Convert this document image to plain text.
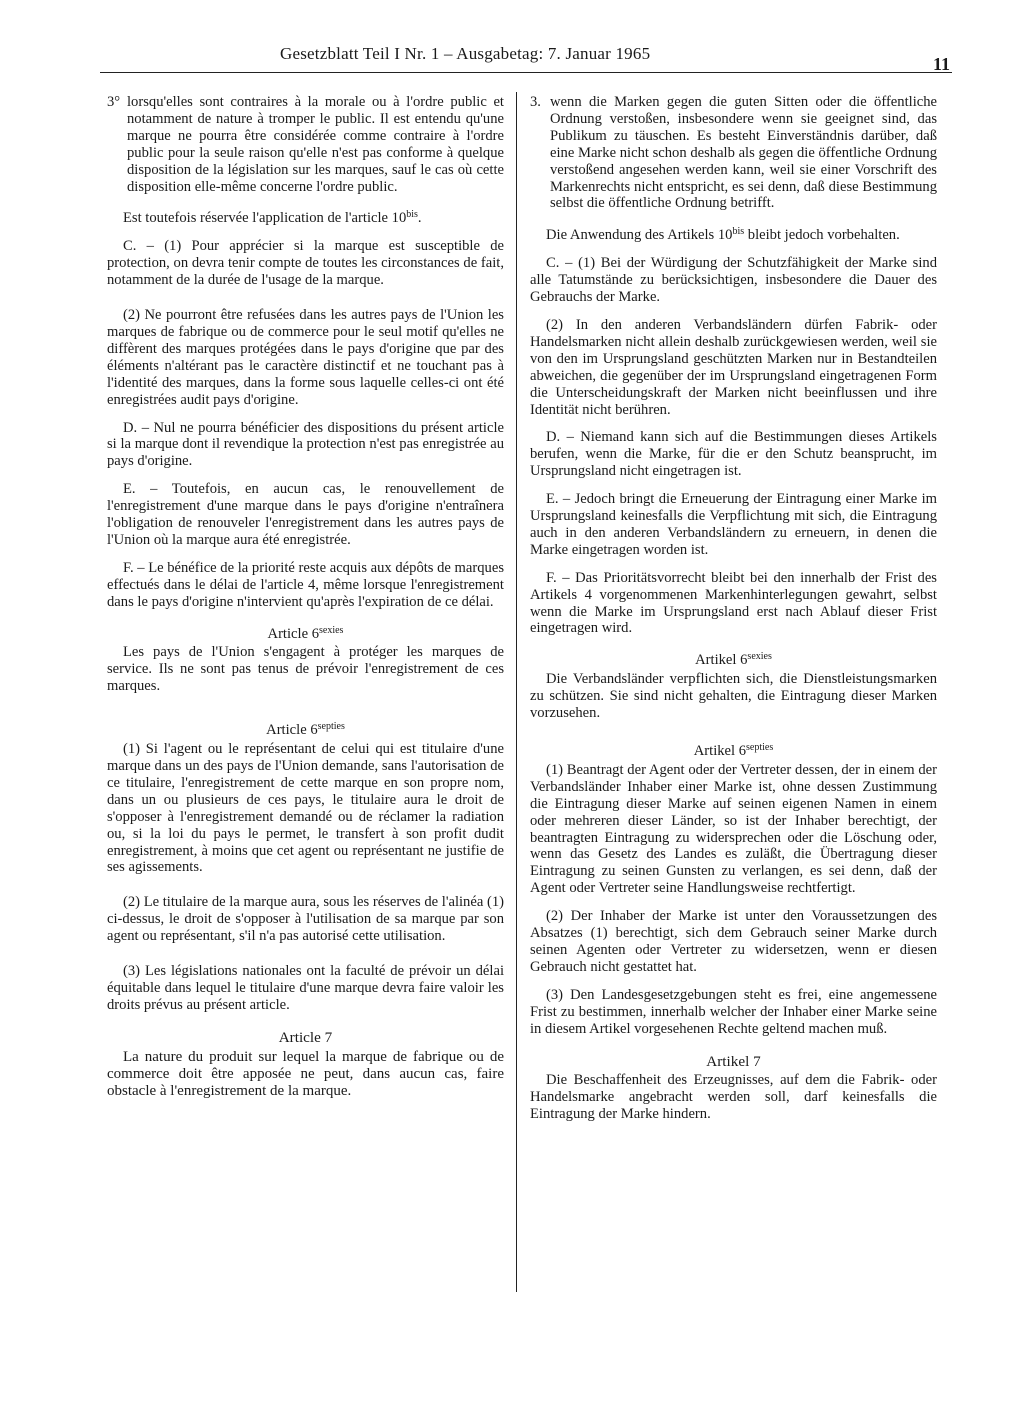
Gesetzblatt Teil I Nr. 1 – Ausgabetag: 7. Januar 1965
11

3° lorsqu'elles sont contraires à la morale ou à l'ordre public et notamment de nature à tromper le public. Il est entendu qu'une marque ne pourra être considérée comme contraire à l'ordre public pour la seule raison qu'elle n'est pas conforme à quelque disposition de la législation sur les marques, sauf le cas où cette disposition elle-même concerne l'ordre public.

Est toutefois réservée l'application de l'article 10$^{bis}$.

C. – (1) Pour apprécier si la marque est susceptible de protection, on devra tenir compte de toutes les circonstances de fait, notamment de la durée de l'usage de la marque.

(2) Ne pourront être refusées dans les autres pays de l'Union les marques de fabrique ou de commerce pour le seul motif qu'elles ne diffèrent des marques protégées dans le pays d'origine que par des éléments n'altérant pas le caractère distinctif et ne touchant pas à l'identité des marques, dans la forme sous laquelle celles-ci ont été enregistrées audit pays d'origine.

D. – Nul ne pourra bénéficier des dispositions du présent article si la marque dont il revendique la protection n'est pas enregistrée au pays d'origine.

E. – Toutefois, en aucun cas, le renouvellement de l'enregistrement d'une marque dans le pays d'origine n'entraînera l'obligation de renouveler l'enregistrement dans les autres pays de l'Union où la marque aura été enregistrée.

F. – Le bénéfice de la priorité reste acquis aux dépôts de marques effectués dans le délai de l'article 4, même lorsque l'enregistrement dans le pays d'origine n'intervient qu'après l'expiration de ce délai.

Article $6^{sexies}$

Les pays de l'Union s'engagent à protéger les marques de service. Ils ne sont pas tenus de prévoir l'enregistrement de ces marques.

Article $6^{septies}$

(1) Si l'agent ou le représentant de celui qui est titulaire d'une marque dans un des pays de l'Union demande, sans l'autorisation de ce titulaire, l'enregistrement de cette marque en son propre nom, dans un ou plusieurs de ces pays, le titulaire aura le droit de s'opposer à l'enregistrement demandé ou de réclamer la radiation ou, si la loi du pays le permet, le transfert à son profit dudit enregistrement, à moins que cet agent ou représentant ne justifie de ses agissements.

(2) Le titulaire de la marque aura, sous les réserves de l'alinéa (1) ci-dessus, le droit de s'opposer à l'utilisation de sa marque par son agent ou représentant, s'il n'a pas autorisé cette utilisation.

(3) Les législations nationales ont la faculté de prévoir un délai équitable dans lequel le titulaire d'une marque devra faire valoir les droits prévus au présent article.

Article 7

La nature du produit sur lequel la marque de fabrique ou de commerce doit être apposée ne peut, dans aucun cas, faire obstacle à l'enregistrement de la marque.

3. wenn die Marken gegen die guten Sitten oder die öffentliche Ordnung verstoßen, insbesondere wenn sie geeignet sind, das Publikum zu täuschen. Es besteht Einverständnis darüber, daß eine Marke nicht schon deshalb als gegen die öffentliche Ordnung verstoßend angesehen werden kann, weil sie einer Vorschrift des Markenrechts nicht entspricht, es sei denn, daß diese Bestimmung selbst die öffentliche Ordnung betrifft.

Die Anwendung des Artikels 10$^{bis}$ bleibt jedoch vorbehalten.

C. – (1) Bei der Würdigung der Schutzfähigkeit der Marke sind alle Tatumstände zu berücksichtigen, insbesondere die Dauer des Gebrauchs der Marke.

(2) In den anderen Verbandsländern dürfen Fabrik- oder Handelsmarken nicht allein deshalb zurückgewiesen werden, weil sie von den im Ursprungsland geschützten Marken nur in Bestandteilen abweichen, die gegenüber der im Ursprungsland eingetragenen Form die Unterscheidungskraft der Marken nicht beeinflussen und ihre Identität nicht berühren.

D. – Niemand kann sich auf die Bestimmungen dieses Artikels berufen, wenn die Marke, für die er den Schutz beansprucht, im Ursprungsland nicht eingetragen ist.

E. – Jedoch bringt die Erneuerung der Eintragung einer Marke im Ursprungsland keinesfalls die Verpflichtung mit sich, die Eintragung auch in den anderen Verbandsländern zu erneuern, in denen die Marke eingetragen worden ist.

F. – Das Prioritätsvorrecht bleibt bei den innerhalb der Frist des Artikels 4 vorgenommenen Markenhinterlegungen gewahrt, selbst wenn die Marke im Ursprungsland erst nach Ablauf dieser Frist eingetragen wird.

Artikel $6^{sexies}$

Die Verbandsländer verpflichten sich, die Dienstleistungsmarken zu schützen. Sie sind nicht gehalten, die Eintragung dieser Marken vorzusehen.

Artikel $6^{septies}$

(1) Beantragt der Agent oder der Vertreter dessen, der in einem der Verbandsländer Inhaber einer Marke ist, ohne dessen Zustimmung die Eintragung dieser Marke auf seinen eigenen Namen in einem oder mehreren dieser Länder, so ist der Inhaber berechtigt, der beantragten Eintragung zu widersprechen oder die Löschung oder, wenn das Gesetz des Landes es zuläßt, die Übertragung dieser Eintragung zu seinen Gunsten zu verlangen, es sei denn, daß der Agent oder Vertreter seine Handlungsweise rechtfertigt.

(2) Der Inhaber der Marke ist unter den Voraussetzungen des Absatzes (1) berechtigt, sich dem Gebrauch seiner Marke durch seinen Agenten oder Vertreter zu widersetzen, wenn er diesen Gebrauch nicht gestattet hat.

(3) Den Landesgesetzgebungen steht es frei, eine angemessene Frist zu bestimmen, innerhalb welcher der Inhaber einer Marke seine in diesem Artikel vorgesehenen Rechte geltend machen muß.

Artikel 7

Die Beschaffenheit des Erzeugnisses, auf dem die Fabrik- oder Handelsmarke angebracht werden soll, darf keinesfalls die Eintragung der Marke hindern.
